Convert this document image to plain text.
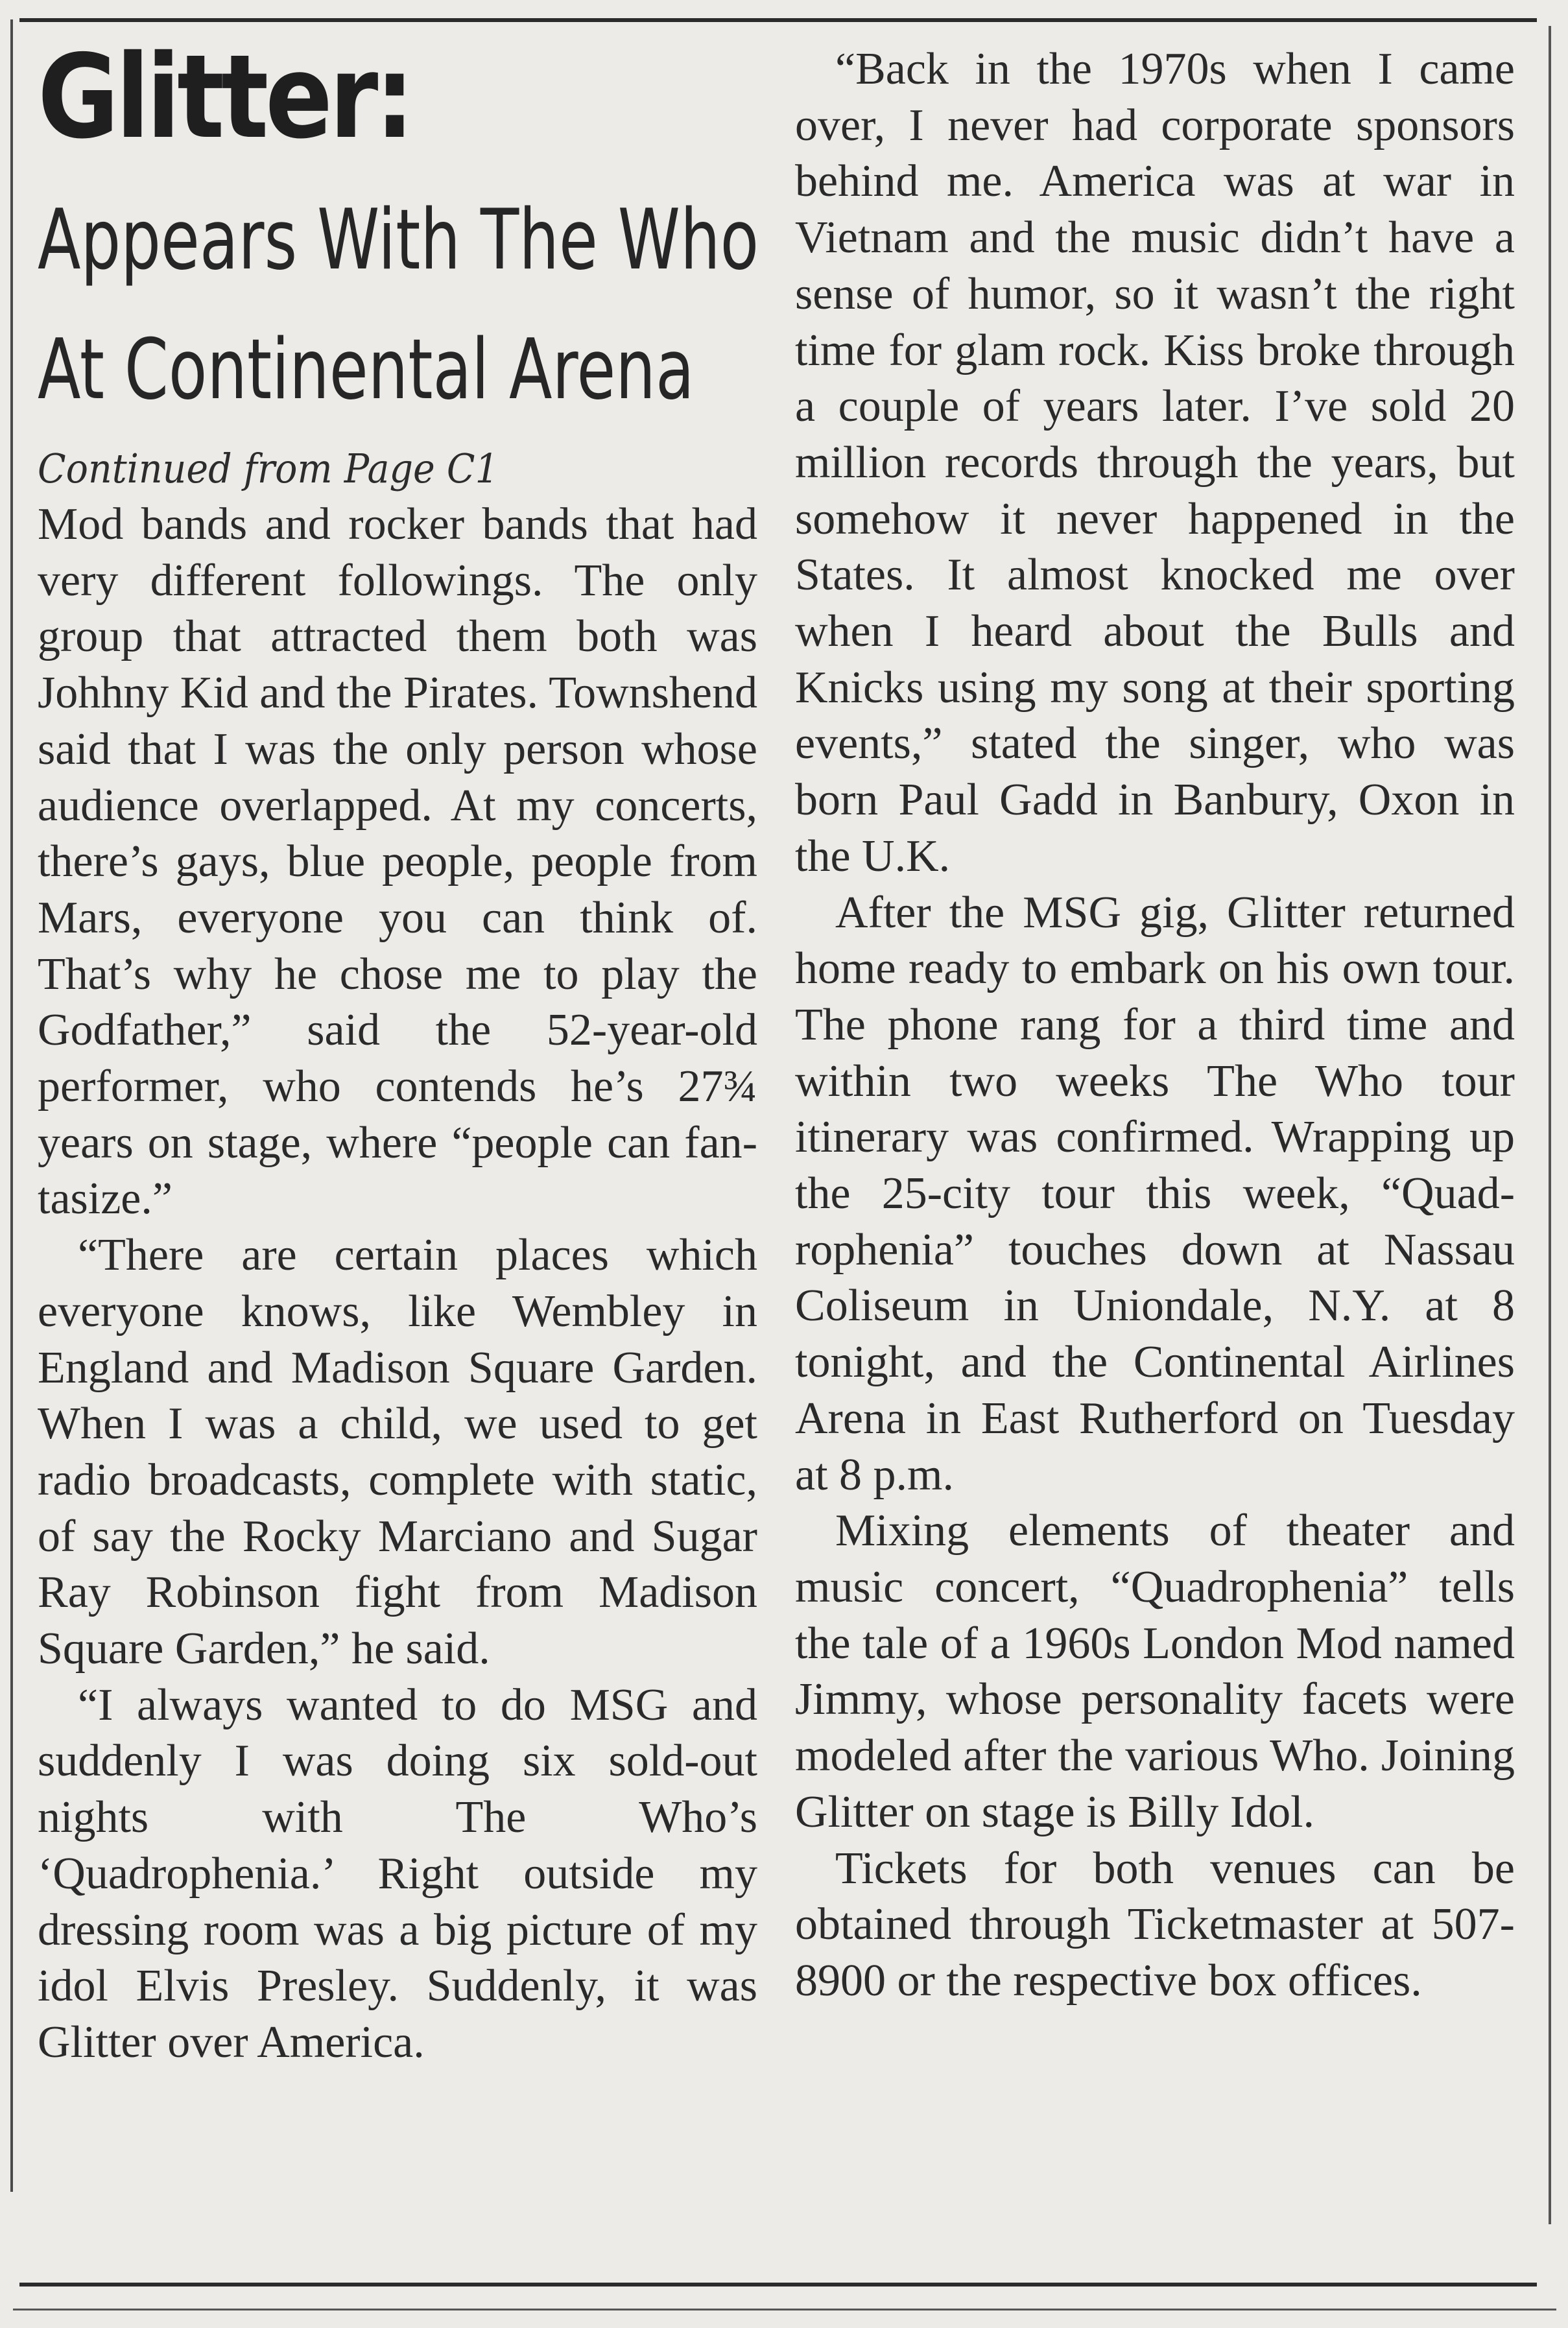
Glitter:
Appears With The Who
At Continental Arena
Continued from Page C1

Mod bands and rocker bands that had very different followings. The only group that attracted them both was Johhny Kid and the Pirates. Townshend said that I was the only person whose audience overlapped. At my concerts, there’s gays, blue people, people from Mars, everyone you can think of. That’s why he chose me to play the Godfather,” said the 52-year-old performer, who contends he’s 27¾ years on stage, where “people can fantasize.”

“There are certain places which everyone knows, like Wembley in England and Madison Square Garden. When I was a child, we used to get radio broadcasts, complete with static, of say the Rocky Marciano and Sugar Ray Robinson fight from Madison Square Garden,” he said.

“I always wanted to do MSG and suddenly I was doing six sold-out nights with The Who’s ‘Quadrophenia.’ Right outside my dressing room was a big picture of my idol Elvis Presley. Suddenly, it was Glitter over America.

“Back in the 1970s when I came over, I never had corporate sponsors behind me. America was at war in Vietnam and the music didn’t have a sense of humor, so it wasn’t the right time for glam rock. Kiss broke through a couple of years later. I’ve sold 20 million records through the years, but somehow it never happened in the States. It almost knocked me over when I heard about the Bulls and Knicks using my song at their sporting events,” stated the singer, who was born Paul Gadd in Banbury, Oxon in the U.K.

After the MSG gig, Glitter returned home ready to embark on his own tour. The phone rang for a third time and within two weeks The Who tour itinerary was confirmed. Wrapping up the 25-city tour this week, “Quadrophenia” touches down at Nassau Coliseum in Uniondale, N.Y. at 8 tonight, and the Continental Airlines Arena in East Rutherford on Tuesday at 8 p.m.

Mixing elements of theater and music concert, “Quadrophenia” tells the tale of a 1960s London Mod named Jimmy, whose personality facets were modeled after the various Who. Joining Glitter on stage is Billy Idol.

Tickets for both venues can be obtained through Ticketmaster at 507-8900 or the respective box offices.
